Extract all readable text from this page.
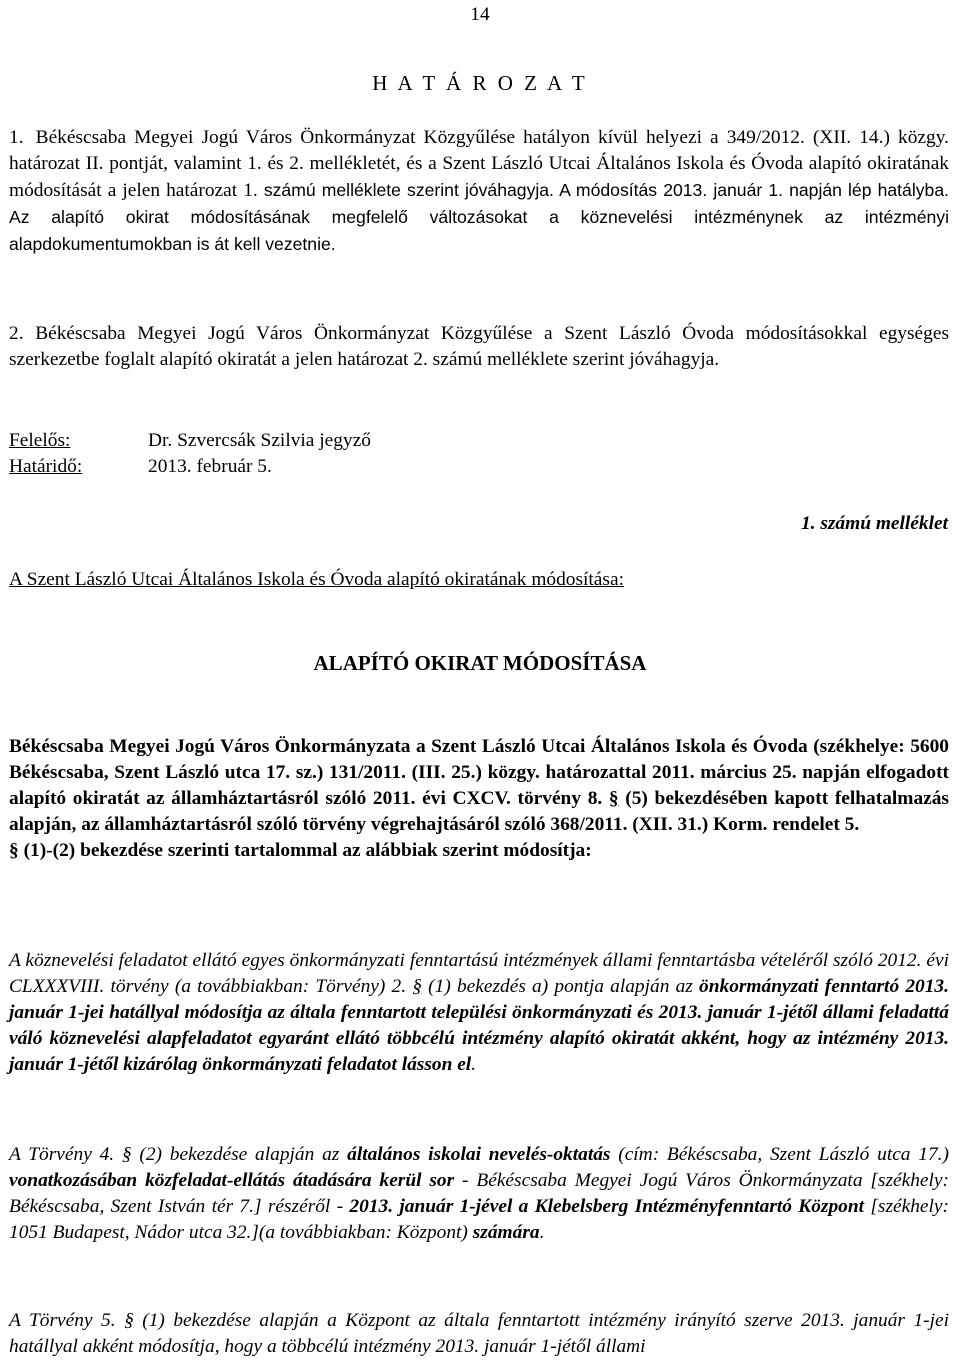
14
H A T Á R O Z A T
1. Békéscsaba Megyei Jogú Város Önkormányzat Közgyűlése hatályon kívül helyezi a 349/2012. (XII. 14.) közgy. határozat II. pontját, valamint 1. és 2. mellékletét, és a Szent László Utcai Általános Iskola és Óvoda alapító okiratának módosítását a jelen határozat 1. számú melléklete szerint jóváhagyja. A módosítás 2013. január 1. napján lép hatályba. Az alapító okirat módosításának megfelelő változásokat a köznevelési intézménynek az intézményi alapdokumentumokban is át kell vezetnie.
2. Békéscsaba Megyei Jogú Város Önkormányzat Közgyűlése a Szent László Óvoda módosításokkal egységes szerkezetbe foglalt alapító okiratát a jelen határozat 2. számú melléklete szerint jóváhagyja.
Felelős:	Dr. Szvercsák Szilvia jegyző
Határidő:	2013. február 5.
1. számú melléklet
A Szent László Utcai Általános Iskola és Óvoda alapító okiratának módosítása:
ALAPÍTÓ OKIRAT MÓDOSÍTÁSA
Békéscsaba Megyei Jogú Város Önkormányzata a Szent László Utcai Általános Iskola és Óvoda (székhelye: 5600 Békéscsaba, Szent László utca 17. sz.) 131/2011. (III. 25.) közgy. határozattal 2011. március 25. napján elfogadott alapító okiratát az államháztartásról szóló 2011. évi CXCV. törvény 8. § (5) bekezdésében kapott felhatalmazás alapján, az államháztartásról szóló törvény végrehajtásáról szóló 368/2011. (XII. 31.) Korm. rendelet 5.
§ (1)-(2) bekezdése szerinti tartalommal az alábbiak szerint módosítja:
A köznevelési feladatot ellátó egyes önkormányzati fenntartású intézmények állami fenntartásba vételéről szóló 2012. évi CLXXXVIII. törvény (a továbbiakban: Törvény) 2. § (1) bekezdés a) pontja alapján az önkormányzati fenntartó 2013. január 1-jei hatállyal módosítja az általa fenntartott települési önkormányzati és 2013. január 1-jétől állami feladattá váló köznevelési alapfeladatot egyaránt ellátó többcélú intézmény alapító okiratát akként, hogy az intézmény 2013. január 1-jétől kizárólag önkormányzati feladatot lásson el.
A Törvény 4. § (2) bekezdése alapján az általános iskolai nevelés-oktatás (cím: Békéscsaba, Szent László utca 17.) vonatkozásában közfeladat-ellátás átadására kerül sor - Békéscsaba Megyei Jogú Város Önkormányzata [székhely: Békéscsaba, Szent István tér 7.] részéről - 2013. január 1-jével a Klebelsberg Intézményfenntartó Központ [székhely: 1051 Budapest, Nádor utca 32.](a továbbiakban: Központ) számára.
A Törvény 5. § (1) bekezdése alapján a Központ az általa fenntartott intézmény irányító szerve 2013. január 1-jei hatállyal akként módosítja, hogy a többcélú intézmény 2013. január 1-jétől állami
